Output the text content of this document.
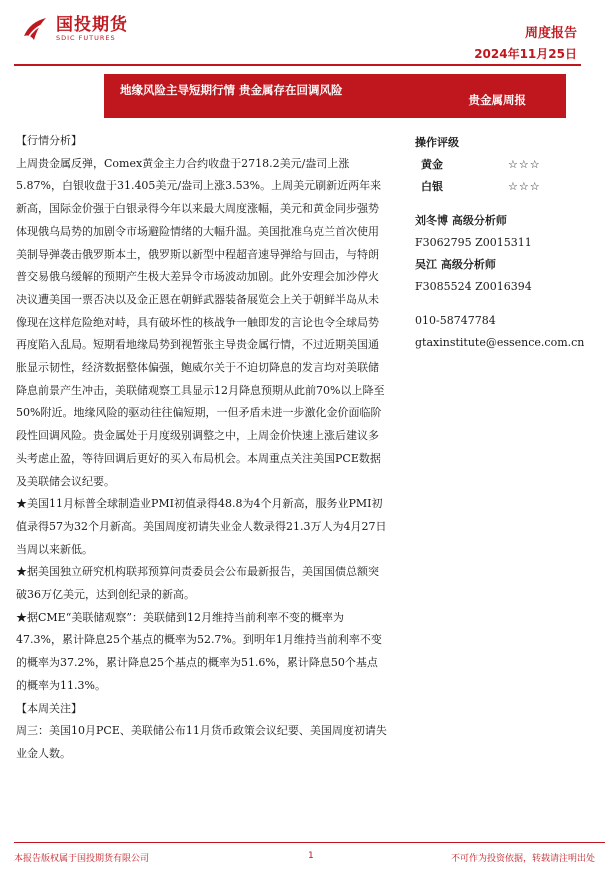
国投期货
SDIC FUTURES	周度报告
2024年11月25日
地缘风险主导短期行情 贵金属存在回调风险
贵金属周报

【行情分析】

上周贵金属反弹，Comex黄金主力合约收盘于2718.2美元/盎司上涨5.87%，白银收盘于31.405美元/盎司上涨3.53%。上周美元刷新近两年来新高，国际金价强于白银录得今年以来最大周度涨幅，美元和黄金同步强势体现俄乌局势的加剧令市场避险情绪的大幅升温。美国批准乌克兰首次使用美制导弹袭击俄罗斯本土，俄罗斯以新型中程超音速导弹给与回击，与特朗普交易俄乌缓解的预期产生极大差异令市场波动加剧。此外安理会加沙停火决议遭美国一票否决以及金正恩在朝鲜武器装备展览会上关于朝鲜半岛从未像现在这样危险绝对峙，具有破坏性的核战争一触即发的言论也令全球局势再度陷入乱局。短期看地缘局势到视暂张主导贵金属行情，不过近期美国通胀显示韧性，经济数据整体偏强，鲍威尔关于不迫切降息的发言均对美联储降息前景产生冲击，美联储观察工具显示12月降息预期从此前70%以上降至50%附近。地缘风险的驱动往往偏短期，一但矛盾未进一步激化金价面临阶段性回调风险。贵金属处于月度级别调整之中，上周金价快速上涨后建议多头考虑止盈，等待回调后更好的买入布局机会。本周重点关注美国PCE数据及美联储会议纪要。

★美国11月标普全球制造业PMI初值录得48.8为4个月新高，服务业PMI初值录得57为32个月新高。美国周度初请失业金人数录得21.3万人为4月27日当周以来新低。

★据美国独立研究机构联邦预算问责委员会公布最新报告，美国国债总额突破36万亿美元，达到创纪录的新高。

★据CME“美联储观察”：美联储到12月维持当前利率不变的概率为47.3%，累计降息25个基点的概率为52.7%。到明年1月维持当前利率不变的概率为37.2%，累计降息25个基点的概率为51.6%，累计降息50个基点的概率为11.3%。

【本周关注】

周三：美国10月PCE、美联储公布11月货币政策会议纪要、美国周度初请失业金人数。

操作评级
黄金	☆☆☆
白银	☆☆☆
刘冬博 高级分析师
F3062795 Z0015311
吴江 高级分析师
F3085524 Z0016394
010-58747784
gtaxinstitute@essence.com.cn
本报告版权属于国投期货有限公司	1	不可作为投资依据，转载请注明出处
